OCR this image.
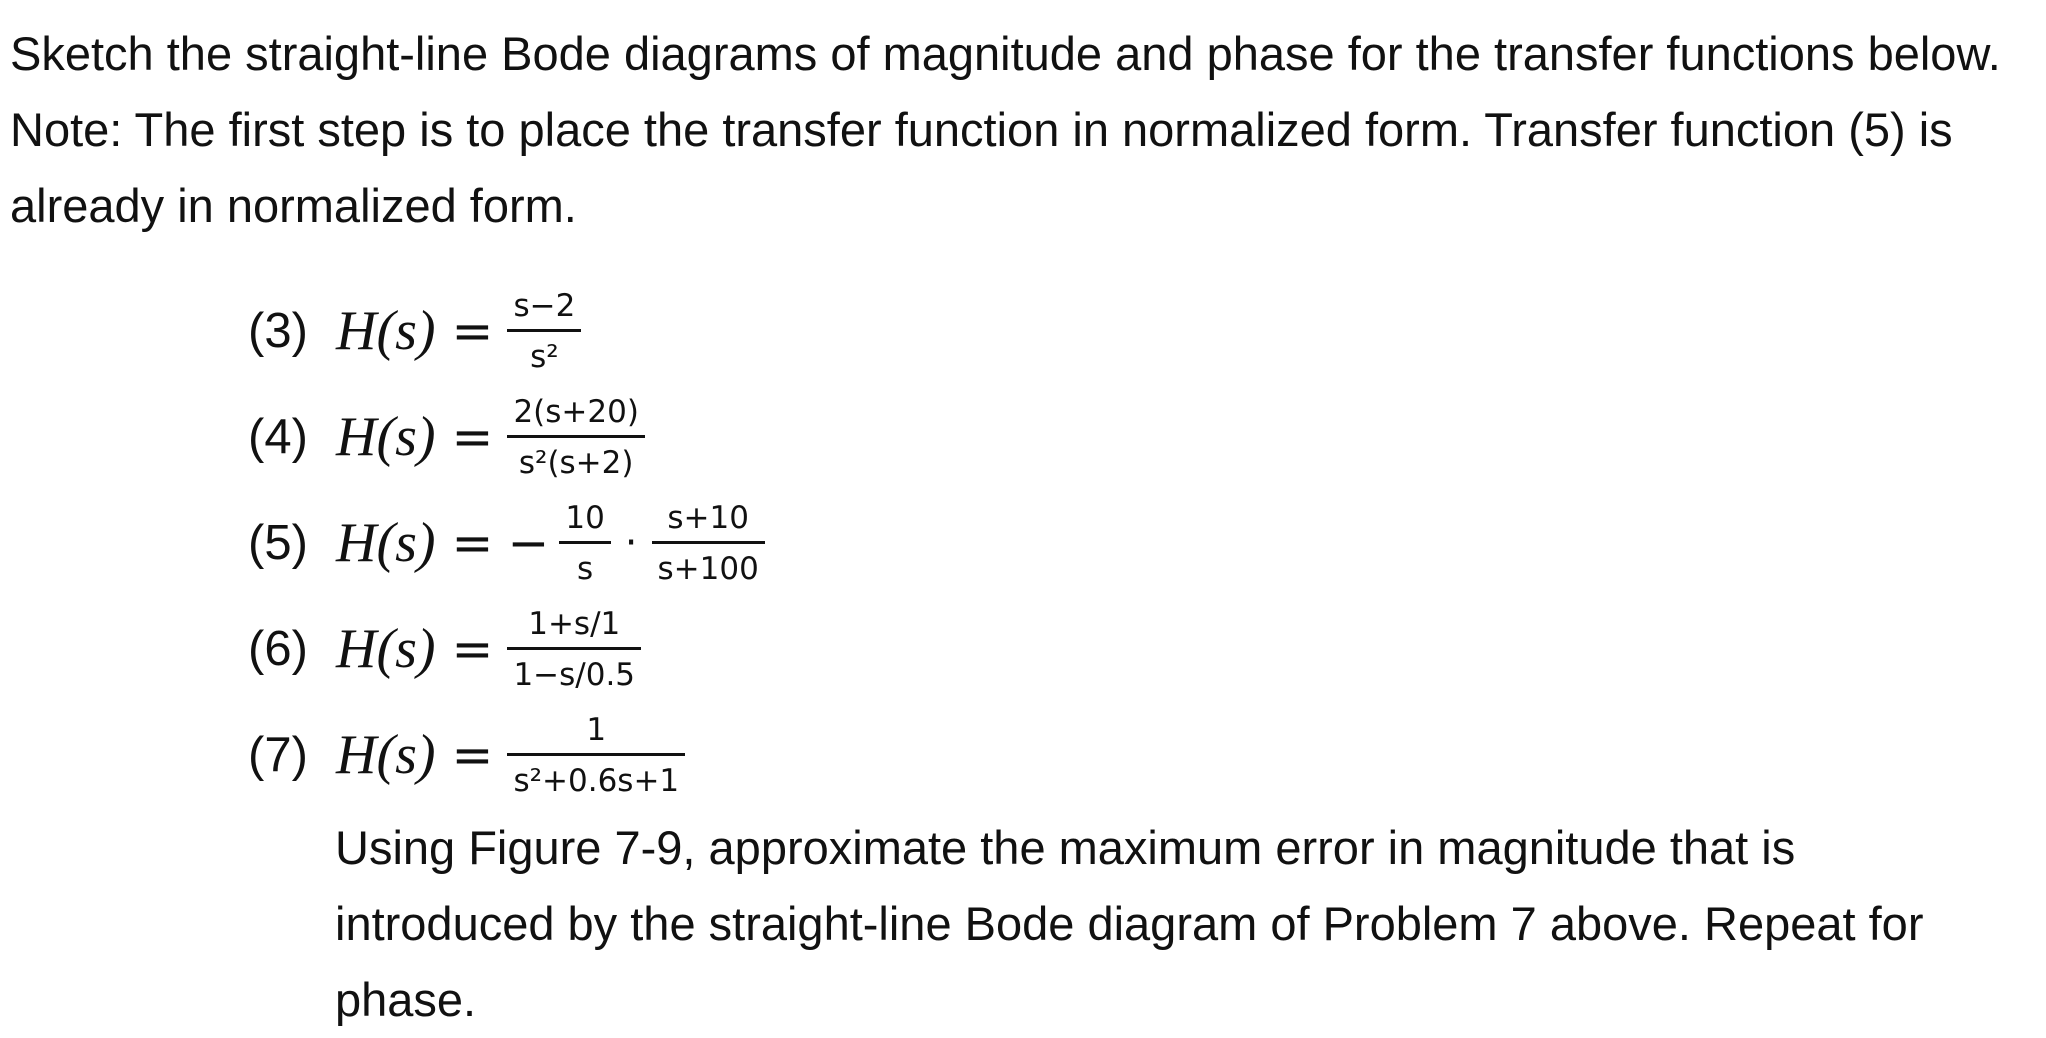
Sketch the straight-line Bode diagrams of magnitude and phase for the transfer functions below. Note: The first step is to place the transfer function in normalized form. Transfer function (5) is already in normalized form.

(3) $H(s) = \frac{s-2}{\text{s²}}$
(4) $H(s) = \frac{2(s+20)}{\text{s²(s+2)}}$
(5) H(s) = − $\frac{10}{s} \cdot \frac{s+10}{s+100}$
(6) $H(s) = \frac{1+s/1}{1-s/0.5}$
(7) $H(s) = \frac{1}{\text{s²+0.6s+1}}$

Using Figure 7-9, approximate the maximum error in magnitude that is introduced by the straight-line Bode diagram of Problem 7 above. Repeat for phase.
